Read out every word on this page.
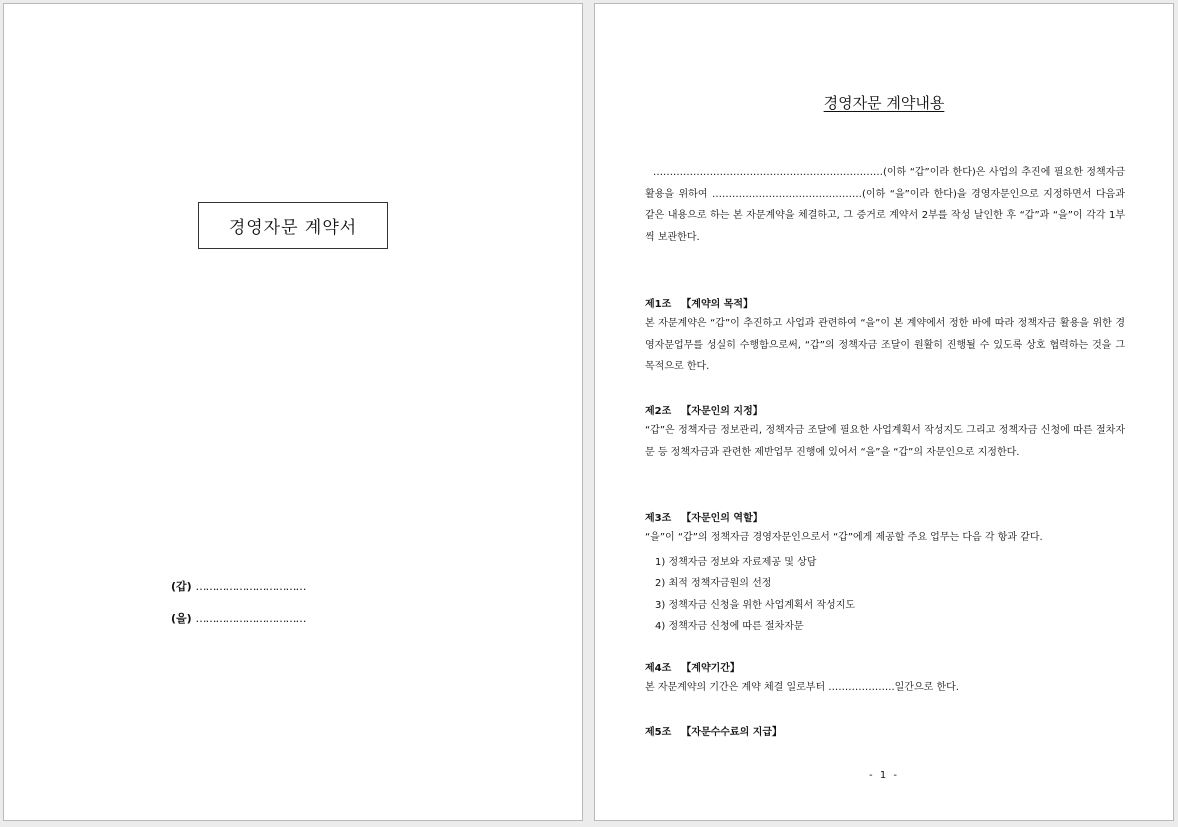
경영자문 계약서
(갑) ……………………………
(을) ……………………………
경영자문 계약내용

……………………………………………………………(이하 “갑”이라 한다)은 사업의 추진에 필요한 정책자금 활용을 위하여 ………………………………………(이하 “을”이라 한다)을 경영자문인으로 지정하면서 다음과 같은 내용으로 하는 본 자문계약을 체결하고, 그 증거로 계약서 2부를 작성 날인한 후 “갑”과 “을”이 각각 1부씩 보관한다.

제1조 【계약의 목적】

본 자문계약은 “갑”이 추진하고 사업과 관련하여 “을”이 본 계약에서 정한 바에 따라 정책자금 활용을 위한 경영자문업무를 성실히 수행함으로써, “갑”의 정책자금 조달이 원활히 진행될 수 있도록 상호 협력하는 것을 그 목적으로 한다.

제2조 【자문인의 지정】

“갑”은 정책자금 정보관리, 정책자금 조달에 필요한 사업계획서 작성지도 그리고 정책자금 신청에 따른 절차자문 등 정책자금과 관련한 제반업무 진행에 있어서 “을”을 “갑”의 자문인으로 지정한다.

제3조 【자문인의 역할】

“을”이 “갑”의 정책자금 경영자문인으로서 “갑”에게 제공할 주요 업무는 다음 각 항과 같다.

1) 정책자금 정보와 자료제공 및 상담
2) 최적 정책자금원의 선정
3) 정책자금 신청을 위한 사업계획서 작성지도
4) 정책자금 신청에 따른 절차자문
제4조 【계약기간】

본 자문계약의 기간은 계약 체결 일로부터 ………………..일간으로 한다.

제5조 【자문수수료의 지급】
- 1 -
